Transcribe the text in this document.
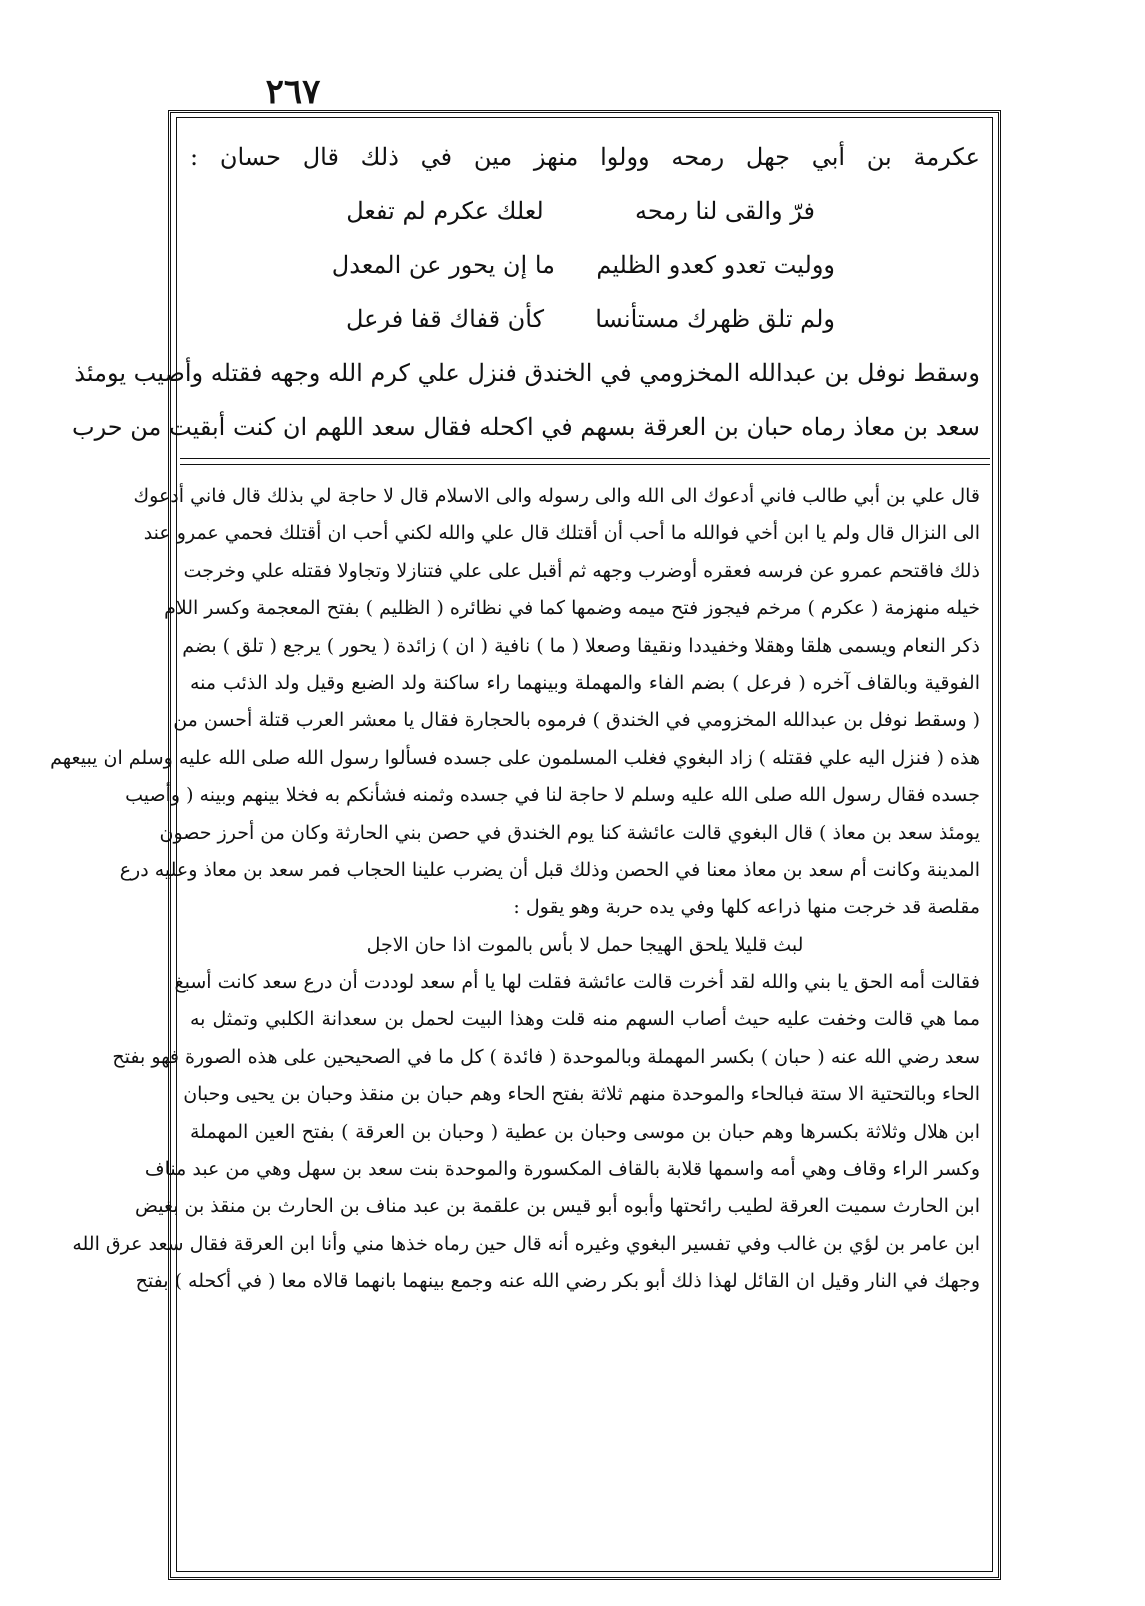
٢٦٧
عكرمة بن أبي جهل رمحه وولوا منهز مين في ذلك قال حسان :
فرّ والقى لنا رمحه
لعلك عكرم لم تفعل
ووليت تعدو كعدو الظليم
ما إن يحور عن المعدل
ولم تلق ظهرك مستأنسا
كأن قفاك قفا فرعل
وسقط نوفل بن عبدالله المخزومي في الخندق فنزل علي كرم الله وجهه فقتله وأصيب يومئذ
سعد بن معاذ رماه حبان بن العرقة بسهم في اكحله فقال سعد اللهم ان كنت أبقيت من حرب
قال علي بن أبي طالب فاني أدعوك الى الله والى رسوله والى الاسلام قال لا حاجة لي بذلك قال فاني أدعوك
الى النزال قال ولم يا ابن أخي فوالله ما أحب أن أقتلك قال علي والله لكني أحب ان أقتلك فحمي عمرو عند
ذلك فاقتحم عمرو عن فرسه فعقره أوضرب وجهه ثم أقبل على علي فتنازلا وتجاولا فقتله علي وخرجت
خيله منهزمة ( عكرم ) مرخم فيجوز فتح ميمه وضمها كما في نظائره ( الظليم ) بفتح المعجمة وكسر اللام
ذكر النعام ويسمى هلقا وهقلا وخفيددا ونقيقا وصعلا ( ما ) نافية ( ان ) زائدة ( يحور ) يرجع ( تلق ) بضم
الفوقية وبالقاف آخره ( فرعل ) بضم الفاء والمهملة وبينهما راء ساكنة ولد الضبع وقيل ولد الذئب منه
( وسقط نوفل بن عبدالله المخزومي في الخندق ) فرموه بالحجارة فقال يا معشر العرب قتلة أحسن من
هذه ( فنزل اليه علي فقتله ) زاد البغوي فغلب المسلمون على جسده فسألوا رسول الله صلى الله عليه وسلم ان يبيعهم
جسده فقال رسول الله صلى الله عليه وسلم لا حاجة لنا في جسده وثمنه فشأنكم به فخلا بينهم وبينه ( وأصيب
يومئذ سعد بن معاذ ) قال البغوي قالت عائشة كنا يوم الخندق في حصن بني الحارثة وكان من أحرز حصون
المدينة وكانت أم سعد بن معاذ معنا في الحصن وذلك قبل أن يضرب علينا الحجاب فمر سعد بن معاذ وعليه درع
مقلصة قد خرجت منها ذراعه كلها وفي يده حربة وهو يقول :
لبث قليلا يلحق الهيجا حمل لا بأس بالموت اذا حان الاجل
فقالت أمه الحق يا بني والله لقد أخرت قالت عائشة فقلت لها يا أم سعد لوددت أن درع سعد كانت أسبغ
مما هي قالت وخفت عليه حيث أصاب السهم منه قلت وهذا البيت لحمل بن سعدانة الكلبي وتمثل به
سعد رضي الله عنه ( حبان ) بكسر المهملة وبالموحدة ( فائدة ) كل ما في الصحيحين على هذه الصورة فهو بفتح
الحاء وبالتحتية الا ستة فبالحاء والموحدة منهم ثلاثة بفتح الحاء وهم حبان بن منقذ وحبان بن يحيى وحبان
ابن هلال وثلاثة بكسرها وهم حبان بن موسى وحبان بن عطية ( وحبان بن العرقة ) بفتح العين المهملة
وكسر الراء وقاف وهي أمه واسمها قلابة بالقاف المكسورة والموحدة بنت سعد بن سهل وهي من عبد مناف
ابن الحارث سميت العرقة لطيب رائحتها وأبوه أبو قيس بن علقمة بن عبد مناف بن الحارث بن منقذ بن بغيض
ابن عامر بن لؤي بن غالب وفي تفسير البغوي وغيره أنه قال حين رماه خذها مني وأنا ابن العرقة فقال سعد عرق الله
وجهك في النار وقيل ان القائل لهذا ذلك أبو بكر رضي الله عنه وجمع بينهما بانهما قالاه معا ( في أكحله ) بفتح
